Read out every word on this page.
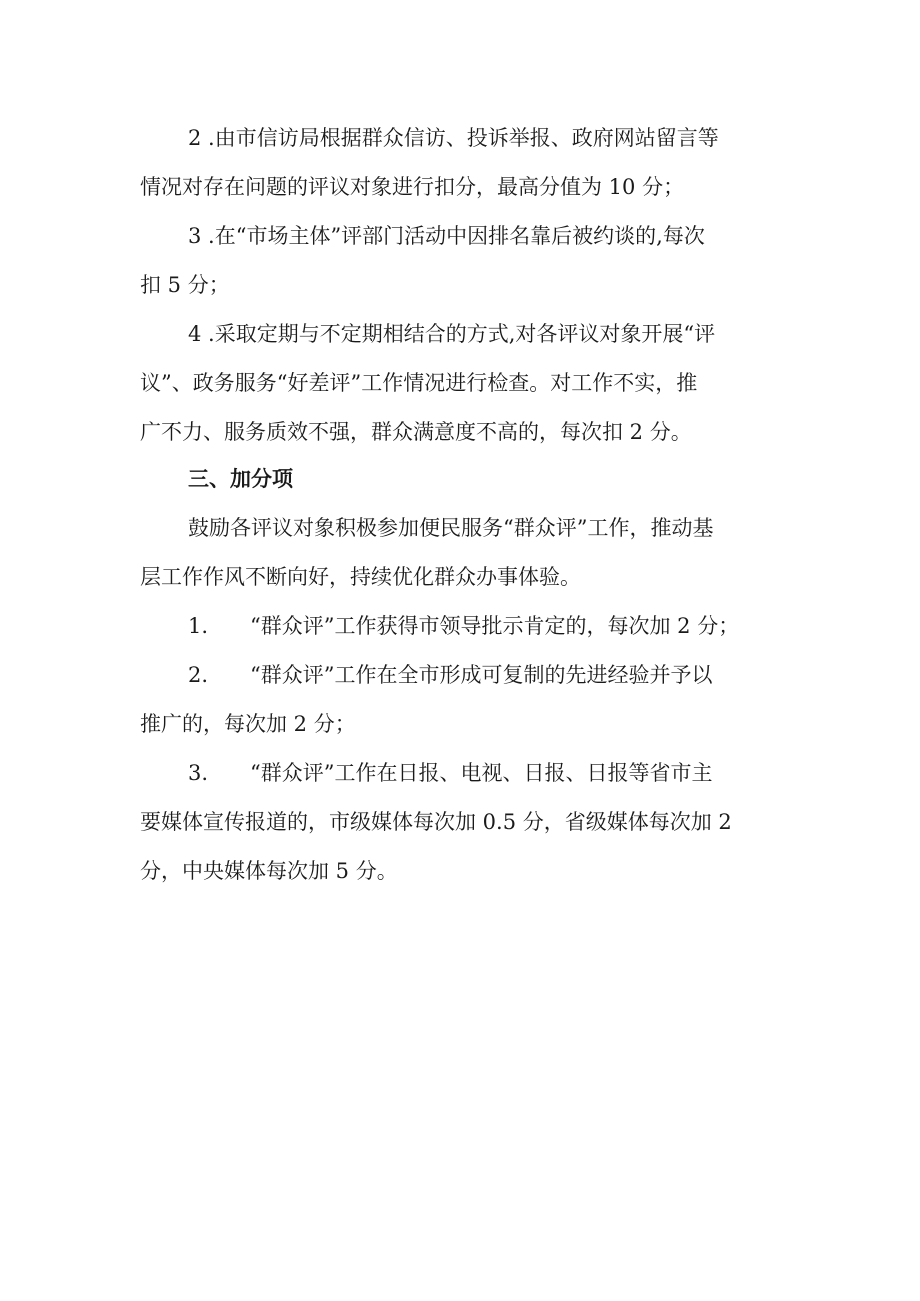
2 .由市信访局根据群众信访、投诉举报、政府网站留言等
情况对存在问题的评议对象进行扣分，最高分值为 10 分；
3 .在“市场主体”评部门活动中因排名靠后被约谈的,每次
扣 5 分；
4 .采取定期与不定期相结合的方式,对各评议对象开展“评
议”、政务服务“好差评”工作情况进行检查。对工作不实，推
广不力、服务质效不强，群众满意度不高的，每次扣 2 分。
三、加分项
鼓励各评议对象积极参加便民服务“群众评”工作，推动基
层工作作风不断向好，持续优化群众办事体验。
1.　　“群众评”工作获得市领导批示肯定的，每次加 2 分；
2.　　“群众评”工作在全市形成可复制的先进经验并予以
推广的，每次加 2 分；
3.　　“群众评”工作在日报、电视、日报、日报等省市主
要媒体宣传报道的，市级媒体每次加 0.5 分，省级媒体每次加 2
分，中央媒体每次加 5 分。
